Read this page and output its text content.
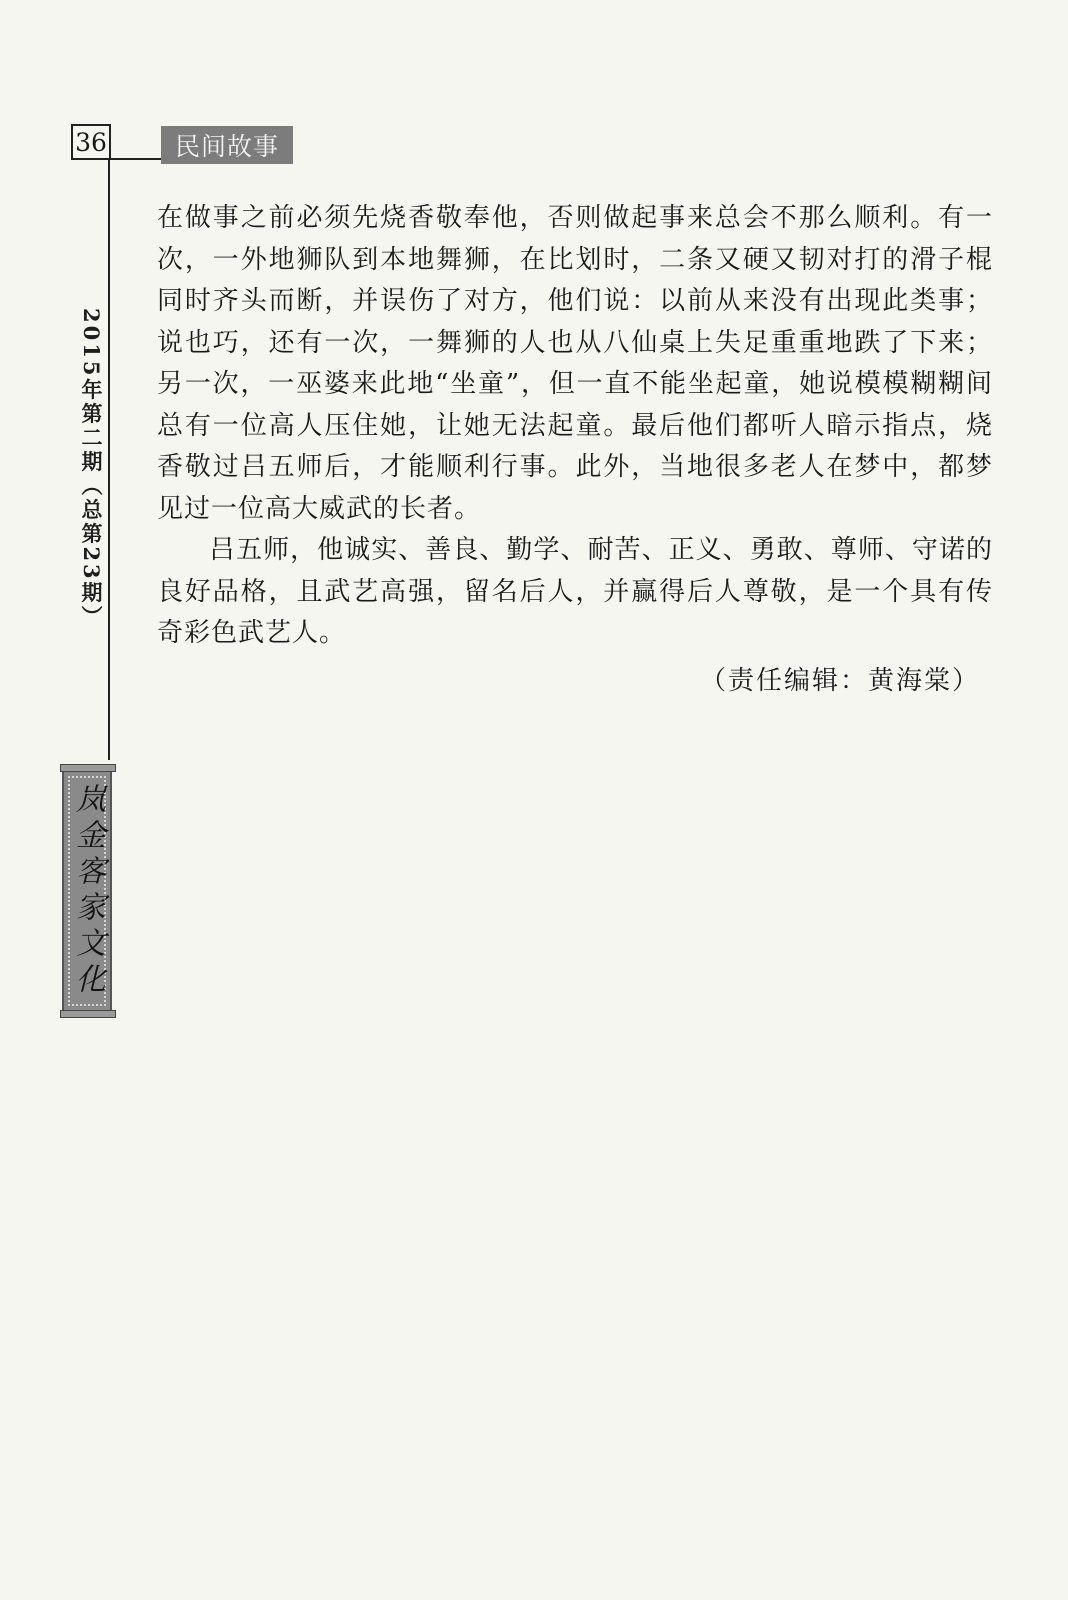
36	民间故事
2015年第二期（总第23期）
岚金客家文化

在做事之前必须先烧香敬奉他，否则做起事来总会不那么顺利。有一次，一外地狮队到本地舞狮，在比划时，二条又硬又韧对打的滑子棍同时齐头而断，并误伤了对方，他们说：以前从来没有出现此类事；说也巧，还有一次，一舞狮的人也从八仙桌上失足重重地跌了下来；另一次，一巫婆来此地“坐童”，但一直不能坐起童，她说模模糊糊间总有一位高人压住她，让她无法起童。最后他们都听人暗示指点，烧香敬过吕五师后，才能顺利行事。此外，当地很多老人在梦中，都梦见过一位高大威武的长者。

吕五师，他诚实、善良、勤学、耐苦、正义、勇敢、尊师、守诺的良好品格，且武艺高强，留名后人，并赢得后人尊敬，是一个具有传奇彩色武艺人。

（责任编辑：黄海棠）
